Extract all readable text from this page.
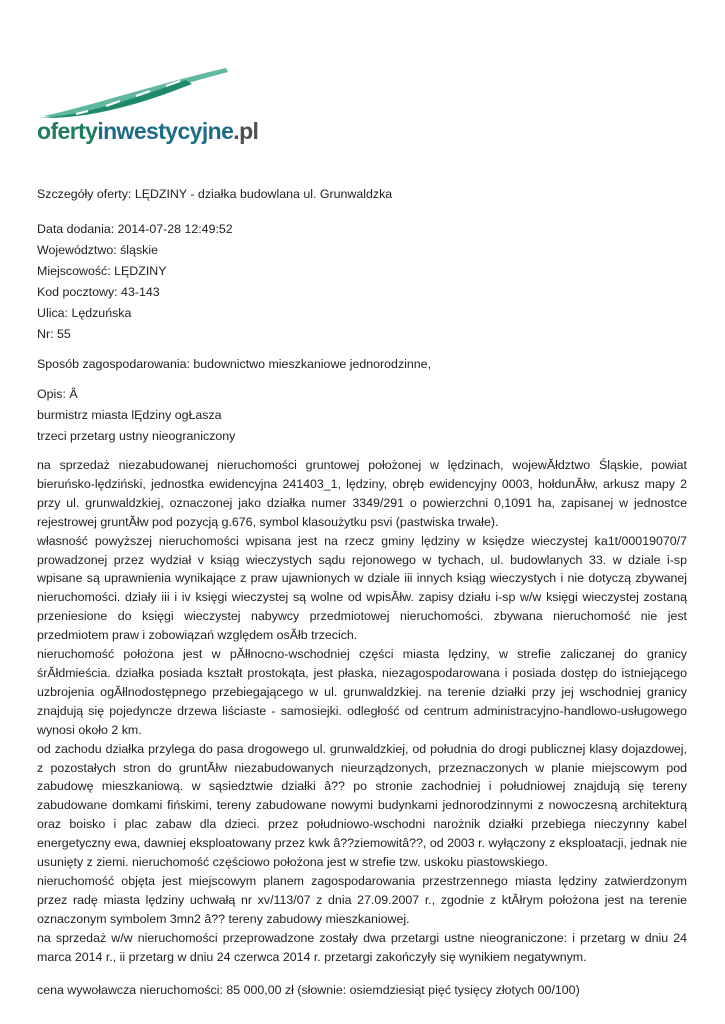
ofertyinwestycyjne.pl

Szczegóły oferty: LĘDZINY - działka budowlana ul. Grunwaldzka

Data dodania: 2014-07-28 12:49:52

Województwo: śląskie

Miejscowość: LĘDZINY

Kod pocztowy: 43-143

Ulica: Lędzuńska

Nr: 55

Sposób zagospodarowania: budownictwo mieszkaniowe jednorodzinne,

Opis: Â

burmistrz miasta lĘdziny ogŁasza

trzeci przetarg ustny nieograniczony

na sprzedaż niezabudowanej nieruchomości gruntowej położonej w lędzinach, wojewĂłdztwo Śląskie, powiat bieruńsko-lędziński, jednostka ewidencyjna 241403_1, lędziny, obręb ewidencyjny 0003, hołdunĂłw, arkusz mapy 2 przy ul. grunwaldzkiej, oznaczonej jako działka numer 3349/291 o powierzchni 0,1091 ha, zapisanej w jednostce rejestrowej gruntĂłw pod pozycją g.676, symbol klasoużytku psvi (pastwiska trwałe).

własność powyższej nieruchomości wpisana jest na rzecz gminy lędziny w księdze wieczystej ka1t/00019070/7 prowadzonej przez wydział v ksiąg wieczystych sądu rejonowego w tychach, ul. budowlanych 33. w dziale i-sp wpisane są uprawnienia wynikające z praw ujawnionych w dziale iii innych ksiąg wieczystych i nie dotyczą zbywanej nieruchomości. działy iii i iv księgi wieczystej są wolne od wpisĂłw. zapisy działu i-sp w/w księgi wieczystej zostaną przeniesione do księgi wieczystej nabywcy przedmiotowej nieruchomości. zbywana nieruchomość nie jest przedmiotem praw i zobowiązań względem osĂłb trzecich.

nieruchomość położona jest w pĂłłnocno-wschodniej części miasta lędziny, w strefie zaliczanej do granicy śrĂłdmieścia. działka posiada kształt prostokąta, jest płaska, niezagospodarowana i posiada dostęp do istniejącego uzbrojenia ogĂłlnodostępnego przebiegającego w ul. grunwaldzkiej. na terenie działki przy jej wschodniej granicy znajdują się pojedyncze drzewa liściaste - samosiejki. odległość od centrum administracyjno-handlowo-usługowego wynosi około 2 km.

od zachodu działka przylega do pasa drogowego ul. grunwaldzkiej, od południa do drogi publicznej klasy dojazdowej, z pozostałych stron do gruntĂłw niezabudowanych nieurządzonych, przeznaczonych w planie miejscowym pod zabudowę mieszkaniową. w sąsiedztwie działki â?? po stronie zachodniej i południowej znajdują się tereny zabudowane domkami fińskimi, tereny zabudowane nowymi budynkami jednorodzinnymi z nowoczesną architekturą oraz boisko i plac zabaw dla dzieci. przez południowo-wschodni narożnik działki przebiega nieczynny kabel energetyczny ewa, dawniej eksploatowany przez kwk â??ziemowitâ??, od 2003 r. wyłączony z eksploatacji, jednak nie usunięty z ziemi. nieruchomość częściowo położona jest w strefie tzw. uskoku piastowskiego.

nieruchomość objęta jest miejscowym planem zagospodarowania przestrzennego miasta lędziny zatwierdzonym przez radę miasta lędziny uchwałą nr xv/113/07 z dnia 27.09.2007 r., zgodnie z ktĂłrym położona jest na terenie oznaczonym symbolem 3mn2 â?? tereny zabudowy mieszkaniowej.

na sprzedaż w/w nieruchomości przeprowadzone zostały dwa przetargi ustne nieograniczone: i przetarg w dniu 24 marca 2014 r., ii przetarg w dniu 24 czerwca 2014 r. przetargi zakończyły się wynikiem negatywnym.

cena wywoławcza nieruchomości: 85 000,00 zł (słownie: osiemdziesiąt pięć tysięcy złotych 00/100)
